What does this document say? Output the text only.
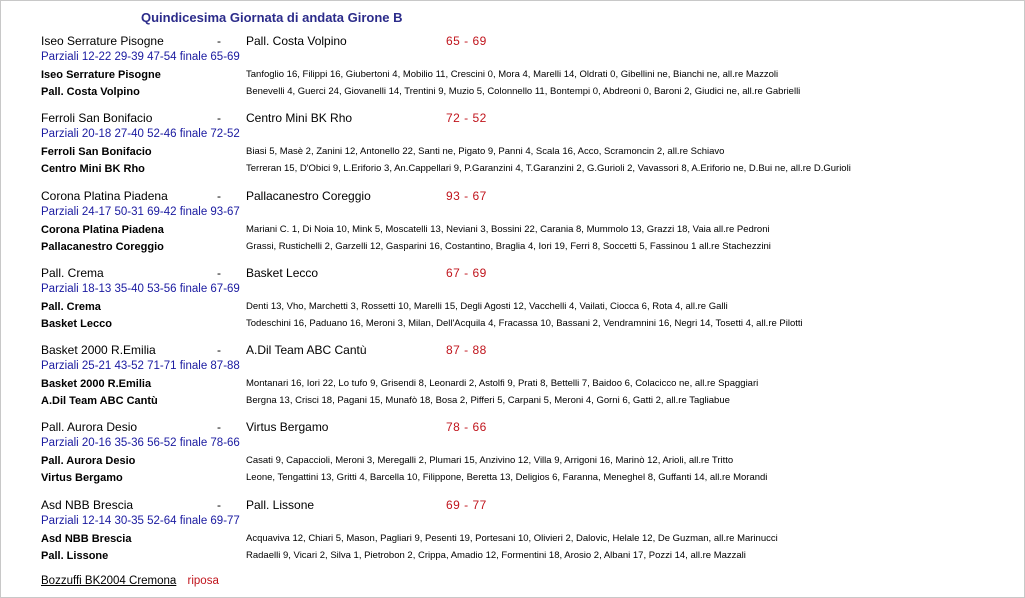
Quindicesima Giornata di andata Girone B
Iseo Serrature Pisogne	- Pall. Costa Volpino	65 - 69
Parziali 12-22 29-39 47-54 finale 65-69
Iseo Serrature Pisogne	Tanfoglio 16, Filippi 16, Giubertoni 4, Mobilio 11, Crescini 0, Mora 4, Marelli 14, Oldrati 0, Gibellini ne, Bianchi ne, all.re Mazzoli
Pall. Costa Volpino	Benevelli 4, Guerci 24, Giovanelli 14, Trentini 9, Muzio 5, Colonnello 11, Bontempi 0, Abdreoni 0, Baroni 2, Giudici ne, all.re Gabrielli
Ferroli San Bonifacio	- Centro Mini BK Rho	72 - 52
Parziali 20-18 27-40 52-46 finale 72-52
Ferroli San Bonifacio	Biasi 5, Masè 2, Zanini 12, Antonello 22, Santi ne, Pigato 9, Panni 4, Scala 16, Acco, Scramoncin 2, all.re Schiavo
Centro Mini BK Rho	Terreran 15, D'Obici 9, L.Eriforio 3, An.Cappellari 9, P.Garanzini 4, T.Garanzini 2, G.Gurioli 2, Vavassori 8, A.Eriforio ne, D.Bui ne, all.re D.Gurioli
Corona Platina Piadena	- Pallacanestro Coreggio	93 - 67
Parziali 24-17 50-31 69-42 finale 93-67
Corona Platina Piadena	Mariani C. 1, Di Noia 10, Mink 5, Moscatelli 13, Neviani 3, Bossini 22, Carania 8, Mummolo 13, Grazzi 18, Vaia all.re Pedroni
Pallacanestro Coreggio	Grassi, Rustichelli 2, Garzelli 12, Gasparini 16, Costantino, Braglia 4, Iori 19, Ferri 8, Soccetti 5, Fassinou 1 all.re Stachezzini
Pall. Crema	- Basket Lecco	67 - 69
Parziali 18-13 35-40 53-56 finale 67-69
Pall. Crema	Denti 13, Vho, Marchetti 3, Rossetti 10, Marelli 15, Degli Agosti 12, Vacchelli 4, Vailati, Ciocca 6, Rota 4, all.re Galli
Basket Lecco	Todeschini 16, Paduano 16, Meroni 3, Milan, Dell'Acquila 4, Fracassa 10, Bassani 2, Vendramnini 16, Negri 14, Tosetti 4, all.re Pilotti
Basket 2000 R.Emilia	- A.Dil Team ABC Cantù	87 - 88
Parziali 25-21 43-52 71-71 finale 87-88
Basket 2000 R.Emilia	Montanari 16, Iori 22, Lo tufo 9, Grisendi 8, Leonardi 2, Astolfi 9, Prati 8, Bettelli 7, Baidoo 6, Colacicco ne, all.re Spaggiari
A.Dil Team ABC Cantù	Bergna 13, Crisci 18, Pagani 15, Munafò 18, Bosa 2, Pifferi 5, Carpani 5, Meroni 4, Gorni 6, Gatti 2, all.re Tagliabue
Pall. Aurora Desio	- Virtus Bergamo	78 - 66
Parziali 20-16 35-36 56-52 finale 78-66
Pall. Aurora Desio	Casati 9, Capaccioli, Meroni 3, Meregalli 2, Plumari 15, Anzivino 12, Villa 9, Arrigoni 16, Marinò 12, Arioli, all.re Tritto
Virtus Bergamo	Leone, Tengattini 13, Gritti 4, Barcella 10, Filippone, Beretta 13, Deligios 6, Faranna, Meneghel 8, Guffanti 14, all.re Morandi
Asd NBB Brescia	- Pall. Lissone	69 - 77
Parziali 12-14 30-35 52-64 finale 69-77
Asd NBB Brescia	Acquaviva 12, Chiari 5, Mason, Pagliari 9, Pesenti 19, Portesani 10, Olivieri 2, Dalovic, Helale 12, De Guzman, all.re Marinucci
Pall. Lissone	Radaelli 9, Vicari 2, Silva 1, Pietrobon 2, Crippa, Amadio 12, Formentini 18, Arosio 2, Albani 17, Pozzi 14, all.re Mazzali
Bozzuffi BK2004 Cremona riposa
